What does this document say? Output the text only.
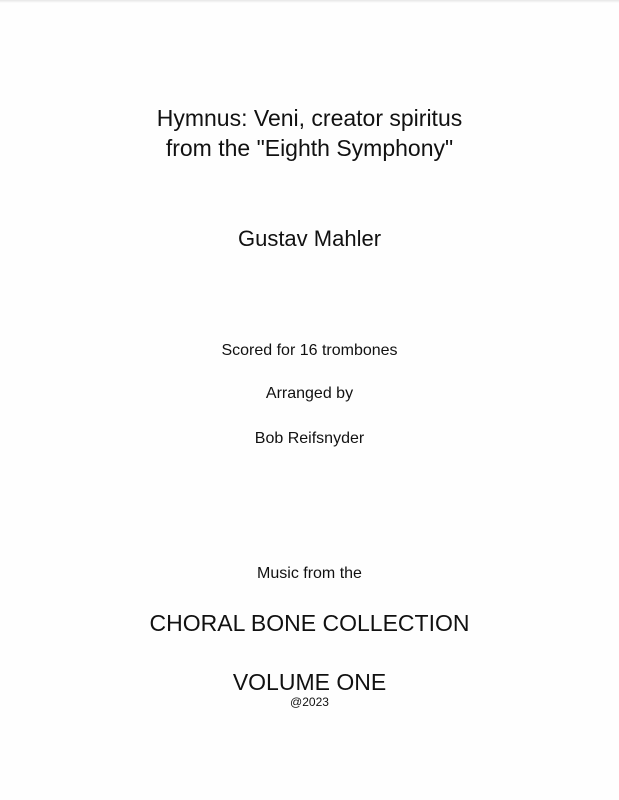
Hymnus: Veni, creator spiritus
from the "Eighth Symphony"
Gustav Mahler
Scored for 16 trombones
Arranged by
Bob Reifsnyder
Music from the
CHORAL BONE COLLECTION
VOLUME ONE
@2023
